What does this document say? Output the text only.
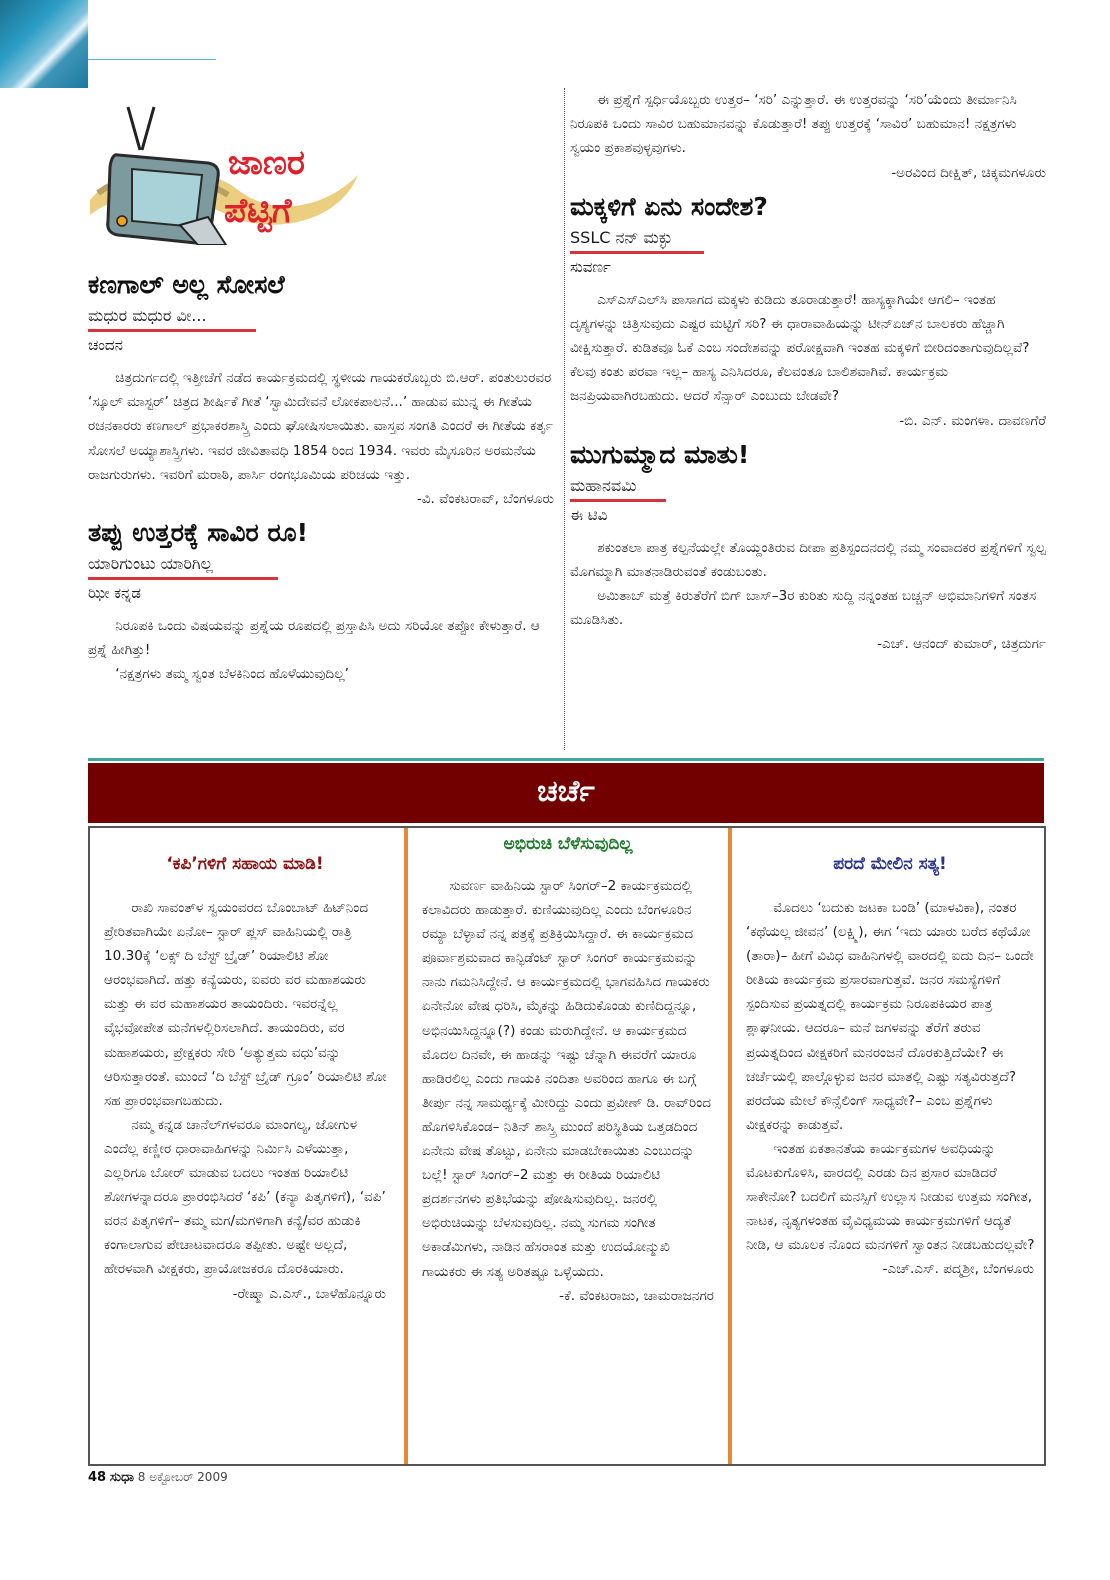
ಜಾಣರ
ಪೆಟ್ಟಿಗೆ
ಕಣಗಾಲ್ ಅಲ್ಲ ಸೋಸಲೆ
ಮಧುರ ಮಧುರ ವೀ...
ಚಂದನ

ಚಿತ್ರದುರ್ಗದಲ್ಲಿ ಇತ್ತೀಚೆಗೆ ನಡೆದ ಕಾರ್ಯಕ್ರಮದಲ್ಲಿ ಸ್ಥಳೀಯ ಗಾಯಕರೊಬ್ಬರು ಬಿ.ಆರ್. ಪಂತುಲುರವರ ‘ಸ್ಕೂಲ್ ಮಾಸ್ಟರ್’ ಚಿತ್ರದ ಶೀರ್ಷಿಕೆ ಗೀತೆ ‘ಸ್ವಾಮಿದೇವನೆ ಲೋಕಪಾಲನೆ...’ ಹಾಡುವ ಮುನ್ನ ಈ ಗೀತೆಯ ರಚನಕಾರರು ಕಣಗಾಲ್ ಪ್ರಭಾಕರಶಾಸ್ತ್ರಿ ಎಂದು ಘೋಷಿಸಲಾಯಿತು. ವಾಸ್ತವ ಸಂಗತಿ ಎಂದರೆ ಈ ಗೀತೆಯ ಕರ್ತೃ ಸೋಸಲೆ ಅಯ್ಯಾಶಾಸ್ತ್ರಿಗಳು. ಇವರ ಜೀವಿತಾವಧಿ 1854 ರಿಂದ 1934. ಇವರು ಮೈಸೂರಿನ ಅರಮನೆಯ ರಾಜಗುರುಗಳು. ಇವರಿಗೆ ಮರಾಠಿ, ಪಾರ್ಸಿ ರಂಗಭೂಮಿಯ ಪರಿಚಯ ಇತ್ತು.

-ವಿ. ವೆಂಕಟರಾವ್, ಬೆಂಗಳೂರು
ತಪ್ಪು ಉತ್ತರಕ್ಕೆ ಸಾವಿರ ರೂ!
ಯಾರಿಗುಂಟು ಯಾರಿಗಿಲ್ಲ
ಝೀ ಕನ್ನಡ

ನಿರೂಪಕಿ ಒಂದು ವಿಷಯವನ್ನು ಪ್ರಶ್ನೆಯ ರೂಪದಲ್ಲಿ ಪ್ರಸ್ತಾಪಿಸಿ ಅದು ಸರಿಯೋ ತಪ್ಪೋ ಕೇಳುತ್ತಾರೆ. ಆ ಪ್ರಶ್ನೆ ಹೀಗಿತ್ತು!

‘ನಕ್ಷತ್ರಗಳು ತಮ್ಮ ಸ್ವಂತ ಬೆಳಕಿನಿಂದ ಹೊಳೆಯುವುದಿಲ್ಲ’

ಈ ಪ್ರಶ್ನೆಗೆ ಸ್ಪರ್ಧಿಯೊಬ್ಬರು ಉತ್ತರ– ‘ಸರಿ’ ಎನ್ನುತ್ತಾರೆ. ಈ ಉತ್ತರವನ್ನು ‘ಸರಿ’ಯೆಂದು ತೀರ್ಮಾನಿಸಿ ನಿರೂಪಕಿ ಒಂದು ಸಾವಿರ ಬಹುಮಾನವನ್ನು ಕೊಡುತ್ತಾರೆ! ತಪ್ಪು ಉತ್ತರಕ್ಕೆ ‘ಸಾವಿರ’ ಬಹುಮಾನ! ನಕ್ಷತ್ರಗಳು ಸ್ವಯಂ ಪ್ರಕಾಶವುಳ್ಳವುಗಳು.

-ಅರವಿಂದ ದೀಕ್ಷಿತ್, ಚಿಕ್ಕಮಗಳೂರು
ಮಕ್ಕಳಿಗೆ ಏನು ಸಂದೇಶ?
SSLC ನನ್ ಮಕ್ಳು
ಸುವರ್ಣ

ಎಸ್‌ಎಸ್‌ಎಲ್‌ಸಿ ಪಾಸಾಗದ ಮಕ್ಕಳು ಕುಡಿದು ತೂರಾಡುತ್ತಾರೆ! ಹಾಸ್ಯಕ್ಕಾಗಿಯೇ ಆಗಲಿ– ಇಂತಹ ದೃಶ್ಯಗಳನ್ನು ಚಿತ್ರಿಸುವುದು ಎಷ್ಟರ ಮಟ್ಟಿಗೆ ಸರಿ? ಈ ಧಾರಾವಾಹಿಯನ್ನು ಟೀನ್‌ಏಜ್‌ನ ಬಾಲಕರು ಹೆಚ್ಚಾಗಿ ವೀಕ್ಷಿಸುತ್ತಾರೆ. ಕುಡಿತವೂ ಓಕೆ ಎಂಬ ಸಂದೇಶವನ್ನು ಪರೋಕ್ಷವಾಗಿ ಇಂತಹ ಮಕ್ಕಳಿಗೆ ಬೀರಿದಂತಾಗುವುದಿಲ್ಲವೆ? ಕೆಲವು ಕಂತು ಪರವಾ ಇಲ್ಲ– ಹಾಸ್ಯ ಎನಿಸಿದರೂ, ಕೆಲವಂತೂ ಬಾಲಿಶವಾಗಿವೆ. ಕಾರ್ಯಕ್ರಮ ಜನಪ್ರಿಯವಾಗಿರಬಹುದು. ಆದರೆ ಸೆನ್ಸಾರ್ ಎಂಬುದು ಬೇಡವೇ?

-ಬಿ. ಎನ್. ಮಂಗಳಾ. ದಾವಣಗೆರೆ
ಮುಗುಮ್ಮಾದ ಮಾತು!
ಮಹಾನವಮಿ
ಈ ಟಿವಿ

ಶಕುಂತಲಾ ಪಾತ್ರ ಕಲ್ಪನೆಯಲ್ಲೇ ತೊಯ್ದಂತಿರುವ ದೀಪಾ ಪ್ರತಿಸ್ಪಂದನದಲ್ಲಿ ನಮ್ಮ ಸಂವಾದಕರ ಪ್ರಶ್ನೆಗಳಿಗೆ ಸ್ವಲ್ಪ ಮೊಗಮ್ಮಾಗಿ ಮಾತನಾಡಿರುವಂತೆ ಕಂಡುಬಂತು.

ಅಮಿತಾಬ್ ಮತ್ತೆ ಕಿರುತೆರೆಗೆ ಬಿಗ್ ಬಾಸ್–3ರ ಕುರಿತು ಸುದ್ದಿ ನನ್ನಂತಹ ಬಚ್ಚನ್ ಅಭಿಮಾನಿಗಳಿಗೆ ಸಂತಸ ಮೂಡಿಸಿತು.

-ಎಚ್. ಆನಂದ್ ಕುಮಾರ್, ಚಿತ್ರದುರ್ಗ
ಚರ್ಚೆ
‘ಕಪಿ’ಗಳಿಗೆ ಸಹಾಯ ಮಾಡಿ!

ರಾಖಿ ಸಾವಂತ್‌ಳ ಸ್ವಯಂವರದ ಬೊಂಬಾಟ್ ಹಿಟ್‌ನಿಂದ ಪ್ರೇರಿತವಾಗಿಯೇ ಏನೋ– ಸ್ಟಾರ್ ಪ್ಲಸ್ ವಾಹಿನಿಯಲ್ಲಿ ರಾತ್ರಿ 10.30ಕ್ಕೆ ‘ಲಕ್ಸ್ ದಿ ಬೆಸ್ಟ್ ಬ್ರೈಡ್’ ರಿಯಾಲಿಟಿ ಶೋ ಆರಂಭವಾಗಿದೆ. ಹತ್ತು ಕನ್ಯೆಯರು, ಐವರು ವರ ಮಹಾಶಯರು ಮತ್ತು ಈ ವರ ಮಹಾಶಯರ ತಾಯಂದಿರು. ಇವರನ್ನೆಲ್ಲ ವೈಭವೋಪೇತ ಮನೆಗಳಲ್ಲಿರಿಸಲಾಗಿದೆ. ತಾಯಂದಿರು, ವರ ಮಹಾಶಯರು, ಪ್ರೇಕ್ಷಕರು ಸೇರಿ ‘ಅತ್ಯುತ್ತಮ ವಧು’ವನ್ನು ಆರಿಸುತ್ತಾರಂತೆ. ಮುಂದೆ ‘ದಿ ಬೆಸ್ಟ್ ಬ್ರೈಡ್ ಗ್ರೂಂ’ ರಿಯಾಲಿಟಿ ಶೋ ಸಹ ಪ್ರಾರಂಭವಾಗಬಹುದು.

ನಮ್ಮ ಕನ್ನಡ ಚಾನೆಲ್‌ಗಳವರೂ ಮಾಂಗಲ್ಯ, ಜೋಗುಳ ಎಂದೆಲ್ಲ ಕಣ್ಣೀರ ಧಾರಾವಾಹಿಗಳನ್ನು ನಿರ್ಮಿಸಿ ಎಳೆಯುತ್ತಾ, ಎಲ್ಲರಿಗೂ ಬೋರ್ ಮಾಡುವ ಬದಲು ಇಂತಹ ರಿಯಾಲಿಟಿ ಶೋಗಳನ್ನಾದರೂ ಪ್ರಾರಂಭಿಸಿದರೆ ‘ಕಪಿ’ (ಕನ್ಯಾ ಪಿತೃಗಳಿಗೆ), ‘ವಪಿ’ ವರನ ಪಿತೃಗಳಿಗೆ– ತಮ್ಮ ಮಗ/ಮಗಳಿಗಾಗಿ ಕನ್ಯೆ/ವರ ಹುಡುಕಿ ಕಂಗಾಲಾಗುವ ಪೇಚಾಟವಾದರೂ ತಪ್ಪೀತು. ಅಷ್ಟೇ ಅಲ್ಲದೆ, ಹೇರಳವಾಗಿ ವೀಕ್ಷಕರು, ಪ್ರಾಯೋಜಕರೂ ದೊರಕಿಯಾರು.

-ರೇಷ್ಮಾ ಎ.ಎಸ್., ಬಾಳೆಹೊನ್ನೂರು
ಅಭಿರುಚಿ ಬೆಳೆಸುವುದಿಲ್ಲ

ಸುವರ್ಣ ವಾಹಿನಿಯ ಸ್ಟಾರ್ ಸಿಂಗರ್–2 ಕಾರ್ಯಕ್ರಮದಲ್ಲಿ ಕಲಾವಿದರು ಹಾಡುತ್ತಾರೆ. ಕುಣಿಯುವುದಿಲ್ಲ ಎಂದು ಬೆಂಗಳೂರಿನ ರಮ್ಯಾ ಬೆಳ್ಳಾವೆ ನನ್ನ ಪತ್ರಕ್ಕೆ ಪ್ರತಿಕ್ರಿಯಿಸಿದ್ದಾರೆ. ಈ ಕಾರ್ಯಕ್ರಮದ ಪೂರ್ವಾಶ್ರಮವಾದ ಕಾನ್ಫಿಡೆಂಟ್ ಸ್ಟಾರ್ ಸಿಂಗರ್ ಕಾರ್ಯಕ್ರಮವನ್ನು ನಾನು ಗಮನಿಸಿದ್ದೇನೆ. ಆ ಕಾರ್ಯಕ್ರಮದಲ್ಲಿ ಭಾಗವಹಿಸಿದ ಗಾಯಕರು ಏನೇನೋ ವೇಷ ಧರಿಸಿ, ಮೈಕನ್ನು ಹಿಡಿದುಕೊಂಡು ಕುಣಿದಿದ್ದನ್ನೂ, ಅಭಿನಯಿಸಿದ್ದನ್ನೂ(?) ಕಂಡು ಮರುಗಿದ್ದೇನೆ. ಆ ಕಾರ್ಯಕ್ರಮದ ಮೊದಲ ದಿನವೇ, ಈ ಹಾಡನ್ನು ಇಷ್ಟು ಚೆನ್ನಾಗಿ ಈವರೆಗೆ ಯಾರೂ ಹಾಡಿರಲಿಲ್ಲ ಎಂದು ಗಾಯಕಿ ನಂದಿತಾ ಅವರಿಂದ ಹಾಗೂ ಈ ಬಗ್ಗೆ ತೀರ್ಪು ನನ್ನ ಸಾಮರ್ಥ್ಯಕ್ಕೆ ಮೀರಿದ್ದು ಎಂದು ಪ್ರವೀಣ್ ಡಿ. ರಾವ್‌ರಿಂದ ಹೊಗಳಿಸಿಕೊಂಡ– ನಿತಿನ್ ಶಾಸ್ತ್ರಿ ಮುಂದೆ ಪರಿಸ್ಥಿತಿಯ ಒತ್ತಡದಿಂದ ಏನೇನು ವೇಷ ತೊಟ್ಟು, ಏನೇನು ಮಾಡಬೇಕಾಯಿತು ಎಂಬುದನ್ನು ಬಲ್ಲೆ! ಸ್ಟಾರ್ ಸಿಂಗರ್–2 ಮತ್ತು ಈ ರೀತಿಯ ರಿಯಾಲಿಟಿ ಪ್ರದರ್ಶನಗಳು ಪ್ರತಿಭೆಯನ್ನು ಪೋಷಿಸುವುದಿಲ್ಲ. ಜನರಲ್ಲಿ ಅಭಿರುಚಿಯನ್ನು ಬೆಳಸುವುದಿಲ್ಲ. ನಮ್ಮ ಸುಗಮ ಸಂಗೀತ ಅಕಾಡೆಮಿಗಳು, ನಾಡಿನ ಹೆಸರಾಂತ ಮತ್ತು ಉದಯೋನ್ಮುಖಿ ಗಾಯಕರು ಈ ಸತ್ಯ ಅರಿತಷ್ಟೂ ಒಳ್ಳೆಯದು.

-ಕೆ. ವೆಂಕಟರಾಜು, ಚಾಮರಾಜನಗರ
ಪರದೆ ಮೇಲಿನ ಸತ್ಯ!

ಮೊದಲು ‘ಬದುಕು ಜಟಕಾ ಬಂಡಿ’ (ಮಾಳವಿಕಾ), ನಂತರ ‘ಕಥೆಯಲ್ಲ ಜೀವನ’ (ಲಕ್ಷ್ಮಿ), ಈಗ ‘ಇದು ಯಾರು ಬರೆದ ಕಥೆಯೋ (ತಾರಾ)– ಹೀಗೆ ವಿವಿಧ ವಾಹಿನಿಗಳಲ್ಲಿ ವಾರದಲ್ಲಿ ಐದು ದಿನ– ಒಂದೇ ರೀತಿಯ ಕಾರ್ಯಕ್ರಮ ಪ್ರಸಾರವಾಗುತ್ತವೆ. ಜನರ ಸಮಸ್ಯೆಗಳಿಗೆ ಸ್ಪಂದಿಸುವ ಪ್ರಯತ್ನದಲ್ಲಿ ಕಾರ್ಯಕ್ರಮ ನಿರೂಪಕಿಯರ ಪಾತ್ರ ಶ್ಲಾಘನೀಯ. ಆದರೂ– ಮನೆ ಜಗಳವನ್ನು ತೆರೆಗೆ ತರುವ ಪ್ರಯತ್ನದಿಂದ ವೀಕ್ಷಕರಿಗೆ ಮನರಂಜನೆ ದೊರಕುತ್ತಿದೆಯೇ? ಈ ಚರ್ಚೆಯಲ್ಲಿ ಪಾಲ್ಗೊಳ್ಳುವ ಜನರ ಮಾತಲ್ಲಿ ಎಷ್ಟು ಸತ್ಯವಿರುತ್ತದೆ? ಪರದೆಯ ಮೇಲೆ ಕೌನ್ಸೆಲಿಂಗ್ ಸಾಧ್ಯವೇ?– ಎಂಬ ಪ್ರಶ್ನೆಗಳು ವೀಕ್ಷಕರನ್ನು ಕಾಡುತ್ತವೆ.

ಇಂತಹ ಏಕತಾನತೆಯ ಕಾರ್ಯಕ್ರಮಗಳ ಅವಧಿಯನ್ನು ಮೊಟಕುಗೊಳಿಸಿ, ವಾರದಲ್ಲಿ ಎರಡು ದಿನ ಪ್ರಸಾರ ಮಾಡಿದರೆ ಸಾಕೇನೋ? ಬದಲಿಗೆ ಮನಸ್ಸಿಗೆ ಉಲ್ಲಾಸ ನೀಡುವ ಉತ್ತಮ ಸಂಗೀತ, ನಾಟಕ, ನೃತ್ಯಗಳಂತಹ ವೈವಿಧ್ಯಮಯ ಕಾರ್ಯಕ್ರಮಗಳಿಗೆ ಆದ್ಯತೆ ನೀಡಿ, ಆ ಮೂಲಕ ನೊಂದ ಮನಗಳಿಗೆ ಸ್ವಾಂತನ ನೀಡಬಹುದಲ್ಲವೇ?

-ಎಚ್.ಎಸ್. ಪದ್ಮಶ್ರೀ, ಬೆಂಗಳೂರು
48 ಸುಧಾ 8 ಅಕ್ಟೋಬರ್ 2009
